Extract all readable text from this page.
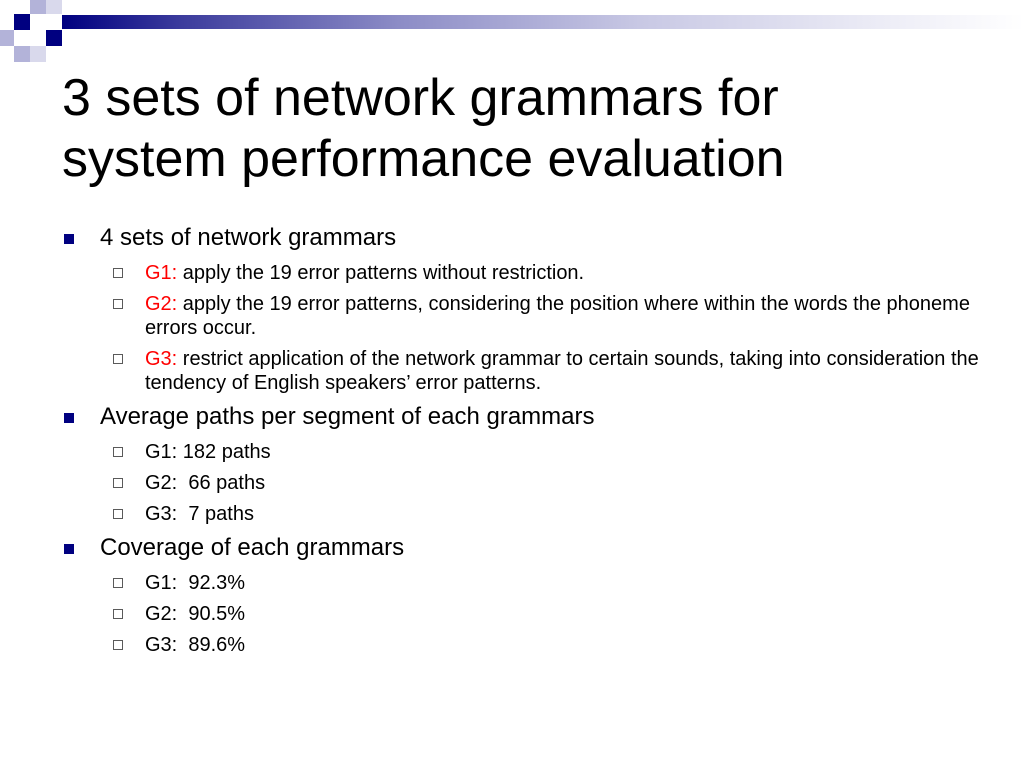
3 sets of network grammars for
system performance evaluation
4 sets of network grammars
G1: apply the 19 error patterns without restriction.
G2: apply the 19 error patterns, considering the position where within the words the phoneme errors occur.
G3: restrict application of the network grammar to certain sounds, taking into consideration the tendency of English speakers’ error patterns.
Average paths per segment of each grammars
G1: 182 paths
G2:  66 paths
G3:  7 paths
Coverage of each grammars
G1:  92.3%
G2:  90.5%
G3:  89.6%
